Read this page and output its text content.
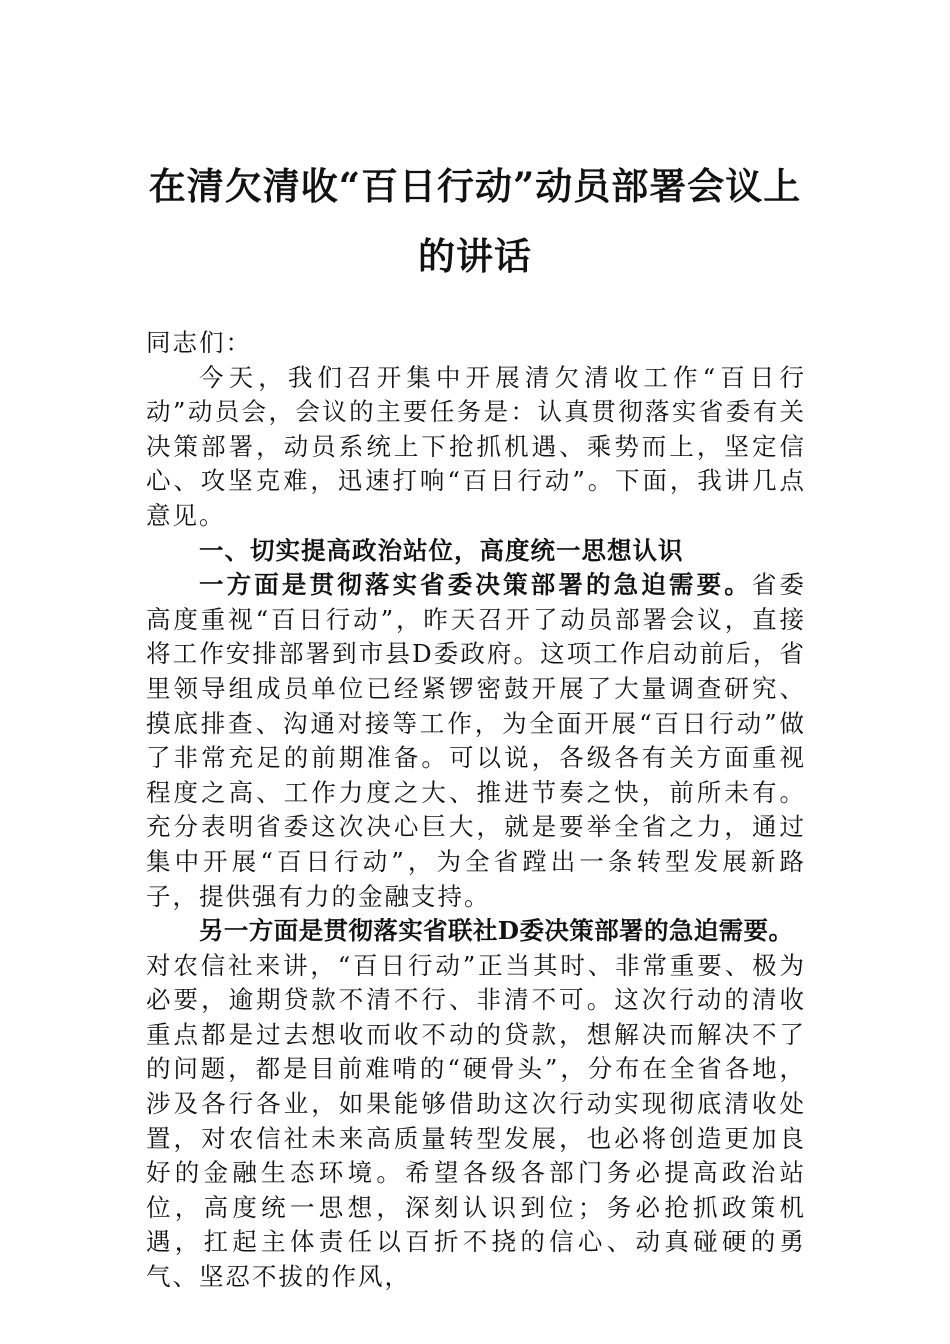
在清欠清收“百日行动”动员部署会议上
的讲话

同志们：

今天，我们召开集中开展清欠清收工作“百日行动”动员会，会议的主要任务是：认真贯彻落实省委有关决策部署，动员系统上下抢抓机遇、乘势而上，坚定信心、攻坚克难，迅速打响“百日行动”。下面，我讲几点意见。

一、切实提高政治站位，高度统一思想认识

一方面是贯彻落实省委决策部署的急迫需要。省委高度重视“百日行动”，昨天召开了动员部署会议，直接将工作安排部署到市县D委政府。这项工作启动前后，省里领导组成员单位已经紧锣密鼓开展了大量调查研究、摸底排查、沟通对接等工作，为全面开展“百日行动”做了非常充足的前期准备。可以说，各级各有关方面重视程度之高、工作力度之大、推进节奏之快，前所未有。充分表明省委这次决心巨大，就是要举全省之力，通过集中开展“百日行动”，为全省蹚出一条转型发展新路子，提供强有力的金融支持。

另一方面是贯彻落实省联社D委决策部署的急迫需要。

对农信社来讲，“百日行动”正当其时、非常重要、极为必要，逾期贷款不清不行、非清不可。这次行动的清收重点都是过去想收而收不动的贷款，想解决而解决不了的问题，都是目前难啃的“硬骨头”，分布在全省各地，涉及各行各业，如果能够借助这次行动实现彻底清收处置，对农信社未来高质量转型发展，也必将创造更加良好的金融生态环境。希望各级各部门务必提高政治站位，高度统一思想，深刻认识到位；务必抢抓政策机遇，扛起主体责任以百折不挠的信心、动真碰硬的勇气、坚忍不拔的作风，
